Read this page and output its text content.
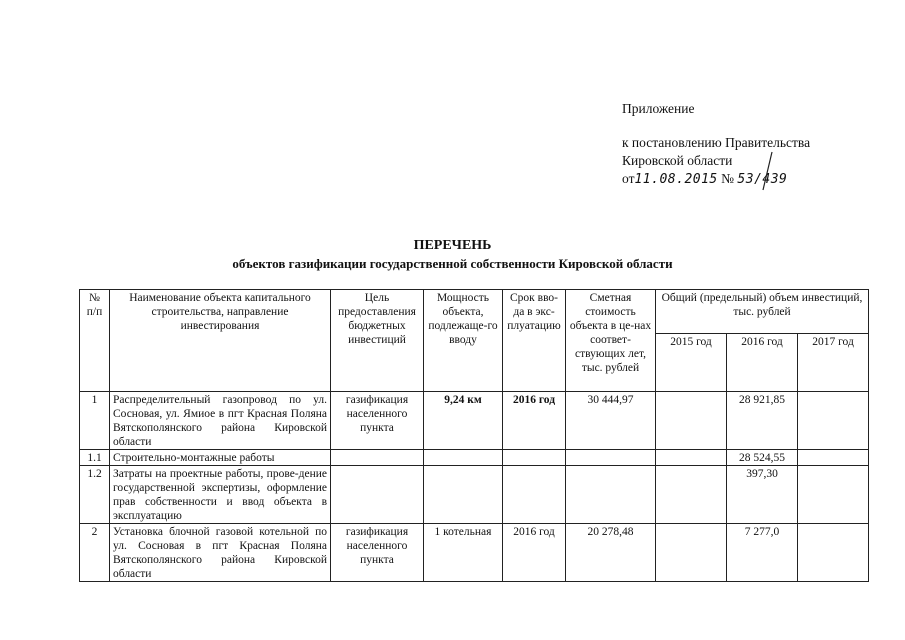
Приложение
к постановлению Правительства
Кировской области
от11.08.2015 № 53/439
ПЕРЕЧЕНЬ
объектов газификации государственной собственности Кировской области
№ п/п	Наименование объекта капитального строительства, направление инвестирования	Цель предоставления бюджетных инвестиций	Мощность объекта, подлежаще-го вводу	Срок вво-да в экс-плуатацию	Сметная стоимость объекта в це-нах соответ-ствующих лет, тыс. рублей	Общий (предельный) объем инвестиций, тыс. рублей		
						2015 год	2016 год	2017 год
1	Распределительный газопровод по ул. Сосновая, ул. Ямиое в пгт Красная Поляна Вятскополянского района Кировской области	газификация населенного пункта	9,24 км	2016 год	30 444,97		28 921,85	
1.1	Строительно-монтажные работы						28 524,55	
1.2	Затраты на проектные работы, прове-дение государственной экспертизы, оформление прав собственности и ввод объекта в эксплуатацию						397,30	
2	Установка блочной газовой котельной по ул. Сосновая в пгт Красная Поляна Вятскополянского района Кировской области	газификация населенного пункта	1 котельная	2016 год	20 278,48		7 277,0	
